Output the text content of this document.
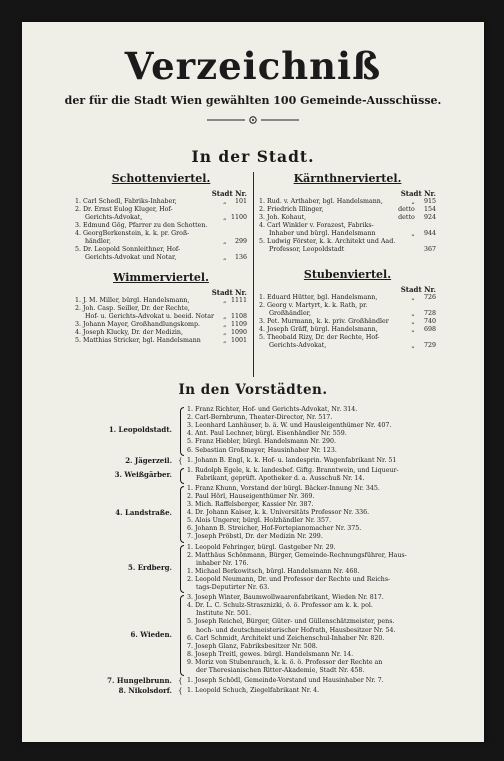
Verzeichniß
der für die Stadt Wien gewählten 100 Gemeinde-Ausschüsse.
In der Stadt.
Schottenviertel.
Stadt Nr.
1. Carl Schedl, Fabriks-Inhaber,	„ 101
2. Dr. Ernst Eulog Kluger, Hof-
Gerichts-Advokat,	„ 1100
3. Edmund Gög, Pfarrer zu den Schotten.
4. GeorgBerkenstein, k. k. pr. Groß-
händler,	„ 299
5. Dr. Leopold Sonnleithner, Hof-
Gerichts-Advokat und Notar,	„ 136
Wimmerviertel.
Stadt Nr.
1. J. M. Miller, bürgl. Handelsmann,	„ 1111
2. Joh. Casp. Seiller, Dr. der Rechte,
Hof- u. Gerichts-Advokat u. beeid. Notar „ 1108
3. Johann Mayer, Großhandlungskomp.	„ 1109
4. Joseph Klucky, Dr. der Medizin,	„ 1090
5. Matthias Stricker, bgl. Handelsmann	„ 1001
Kärnthnerviertel.
Stadt Nr.
1. Rud. v. Arthaber, bgl. Handelsmann,	„ 915
2. Friedrich Illinger,	detto 154
3. Joh. Kohaut,	detto 924
4. Carl Winkler v. Forazest, Fabriks-
Inhaber und bürgl. Handelsmann	„ 944
5. Ludwig Förster, k. k. Architekt und Aad.
Professor, Leopoldstadt	367
Stubenviertel.
Stadt Nr.
1. Eduard Hütter, bgl. Handelsmann,	„ 726
2. Georg v. Martyrt, k. k. Rath, pr.
Großhändler,	„ 728
3. Pet. Murmann, k. k. priv. Großhändler	„ 740
4. Joseph Gräff, bürgl. Handelsmann,	„ 698
5. Theobald Rizy, Dr. der Rechte, Hof-
Gerichts-Advokat,	„ 729
In den Vorstädten.
1. Leopoldstadt.
1. Franz Richter, Hof- und Gerichts-Advokat, Nr. 314.
2. Carl-Bernbrunn, Theater-Director, Nr. 517.
3. Leonhard Lanhäuser, b. ä. W. und Hausleigenthümer Nr. 407.
4. Ant. Paul Lechner, bürgl. Eisenhändler Nr. 559.
5. Franz Hiebler, bürgl. Handelsmann Nr. 290.
6. Sebastian Großmayer, Hausinhaber Nr. 123.
2. Jägerzeil. { 1. Johann B. Engl, k. k. Hof- u. landesprin. Wagenfabrikant Nr. 51
3. Weißgärber. 1. Rudolph Egele, k. k. landesbef. Giftg. Branntwein, und Liqueur-
Fabrikant, geprüft. Apotheker d. a. Ausschuß Nr. 14.
4. Landstraße.
1. Franz Khunn, Vorstand der bürgl. Bäcker-Innung Nr. 345.
2. Paul Hörl, Hauseigenthümer Nr. 369.
3. Mich. Raffelsberger, Kassier Nr. 387.
4. Dr. Johann Kaiser, k. k. Universitäts Professor Nr. 336.
5. Alois Ungerer, bürgl. Holzhändler Nr. 357.
6. Johann B. Streicher, Hof-Fortepianomacher Nr. 375.
7. Joseph Pröbstl, Dr. der Medizin Nr. 299.
5. Erdberg.
1. Leopold Fehringer, bürgl. Gastgeber Nr. 29.
2. Matthäus Schönmann, Bürger, Gemeinde-Rechnungsführer, Haus-
inhaber Nr. 176.
1. Michael Berkowitsch, bürgl. Handelsmann Nr. 468.
2. Leopold Neumann, Dr. und Professor der Rechte und Reichs-
tags-Deputirter Nr. 63.
6. Wieden.
3. Joseph Winter, Baumwollwaarenfabrikant, Wieden Nr. 817.
4. Dr. L. C. Schulz-Strasznizki, ö. ö. Professor am k. k. pol.
Institute Nr. 501.
5. Joseph Reichel, Bürger, Güter- und Güllenschätzmeister, pens.
hoch- und deutschmeisterischer Hofrath, Hausbesitzer Nr. 54.
6. Carl Schmidt, Architekt und Zeichenschul-Inhaber Nr. 820.
7. Joseph Glanz, Fabriksbesitzer Nr. 508.
8. Joseph Treitl, gewes. bürgl. Handelsmann Nr. 14.
9. Moriz von Stubenrauch, k. k. ö. ö. Professor der Rechte an
der Theresianischen Ritter-Akademie, Stadt Nr. 458.
7. Hungelbrunn. { 1. Joseph Schödl, Gemeinde-Vorstand und Hausinhaber Nr. 7.
8. Nikolsdorf. { 1. Leopold Schuch, Ziegelfabrikant Nr. 4.
